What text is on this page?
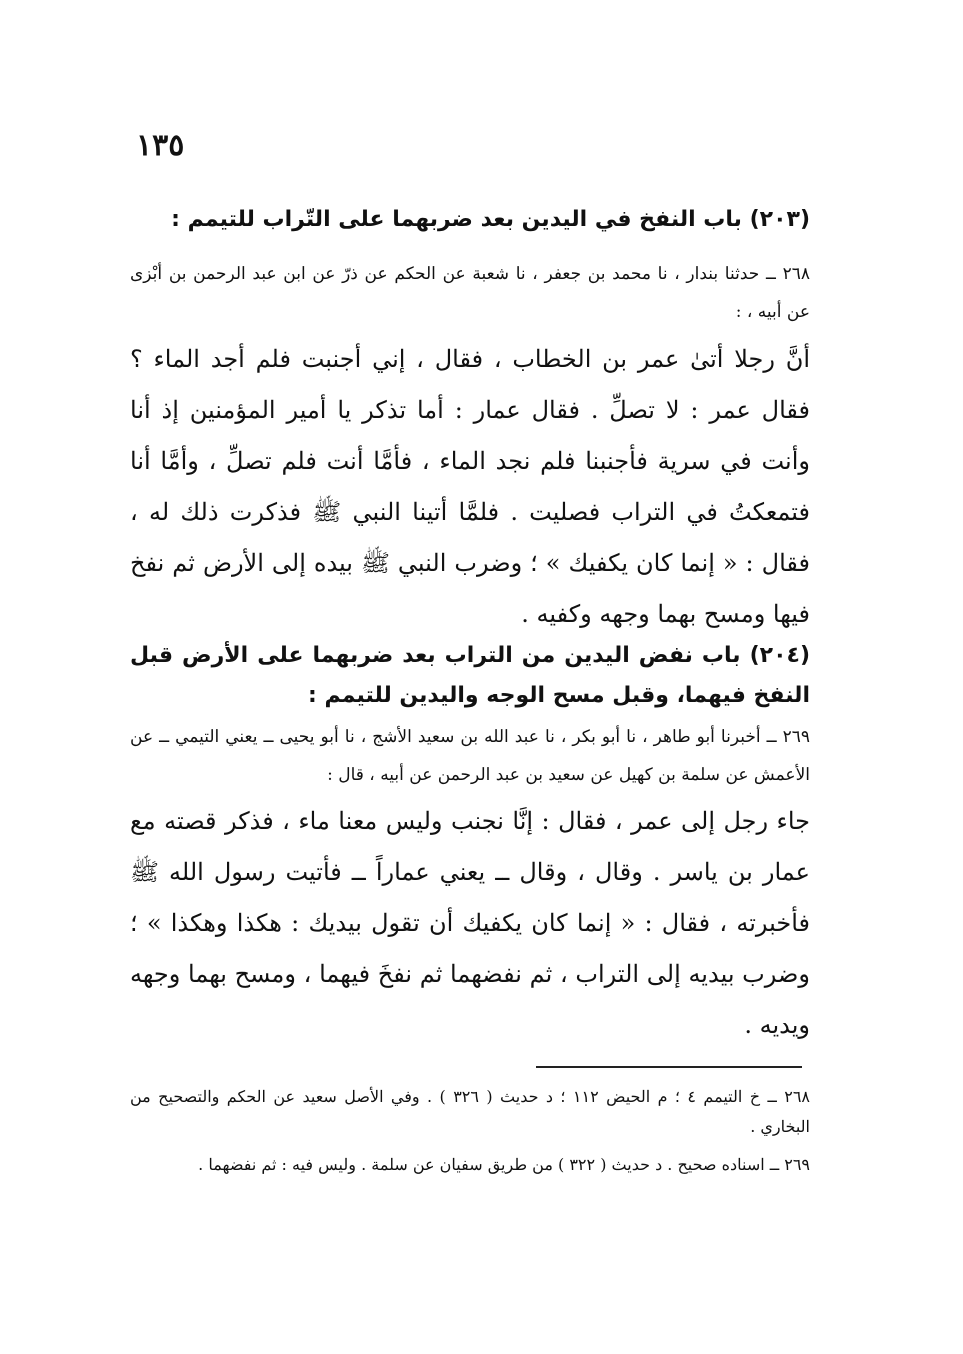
١٣٥
(٢٠٣) باب النفخ في اليدين بعد ضربهما على التّراب للتيمم :

٢٦٨ ــ حدثنا بندار ، نا محمد بن جعفر ، نا شعبة عن الحكم عن ذرّ عن ابن عبد الرحمن بن أبْزى عن أبيه ، :

أنَّ رجلا أتىٰ عمر بن الخطاب ، فقال ، إني أجنبت فلم أجد الماء ؟ فقال عمر : لا تصلِّ . فقال عمار : أما تذكر يا أمير المؤمنين إذ أنا وأنت في سرية فأجنبنا فلم نجد الماء ، فأمَّا أنت فلم تصلِّ ، وأمَّا أنا فتمعكتُ في التراب فصليت . فلمَّا أتينا النبي ﷺ فذكرت ذلك له ، فقال : « إنما كان يكفيك » ؛ وضرب النبي ﷺ بيده إلى الأرض ثم نفخ فيها ومسح بهما وجهه وكفيه .

(٢٠٤) باب نفض اليدين من التراب بعد ضربهما على الأرض قبل النفخ فيهما، وقبل مسح الوجه واليدين للتيمم :

٢٦٩ ــ أخبرنا أبو طاهر ، نا أبو بكر ، نا عبد الله بن سعيد الأشج ، نا أبو يحيى ــ يعني التيمي ــ عن الأعمش عن سلمة بن كهيل عن سعيد بن عبد الرحمن عن أبيه ، قال :

جاء رجل إلى عمر ، فقال : إنَّا نجنب وليس معنا ماء ، فذكر قصته مع عمار بن ياسر . وقال ، وقال ــ يعني عماراً ــ فأتيت رسول الله ﷺ فأخبرته ، فقال : « إنما كان يكفيك أن تقول بيديك : هكذا وهكذا » ؛ وضرب بيديه إلى التراب ، ثم نفضهما ثم نفخَ فيهما ، ومسح بهما وجهه ويديه .

٢٦٨ ــ خ التيمم ٤ ؛ م الحيض ١١٢ ؛ د حديث ( ٣٢٦ ) . وفي الأصل سعيد عن الحكم والتصحيح من البخاري .

٢٦٩ ــ اسناده صحيح . د حديث ( ٣٢٢ ) من طريق سفيان عن سلمة . وليس فيه : ثم نفضهما .
